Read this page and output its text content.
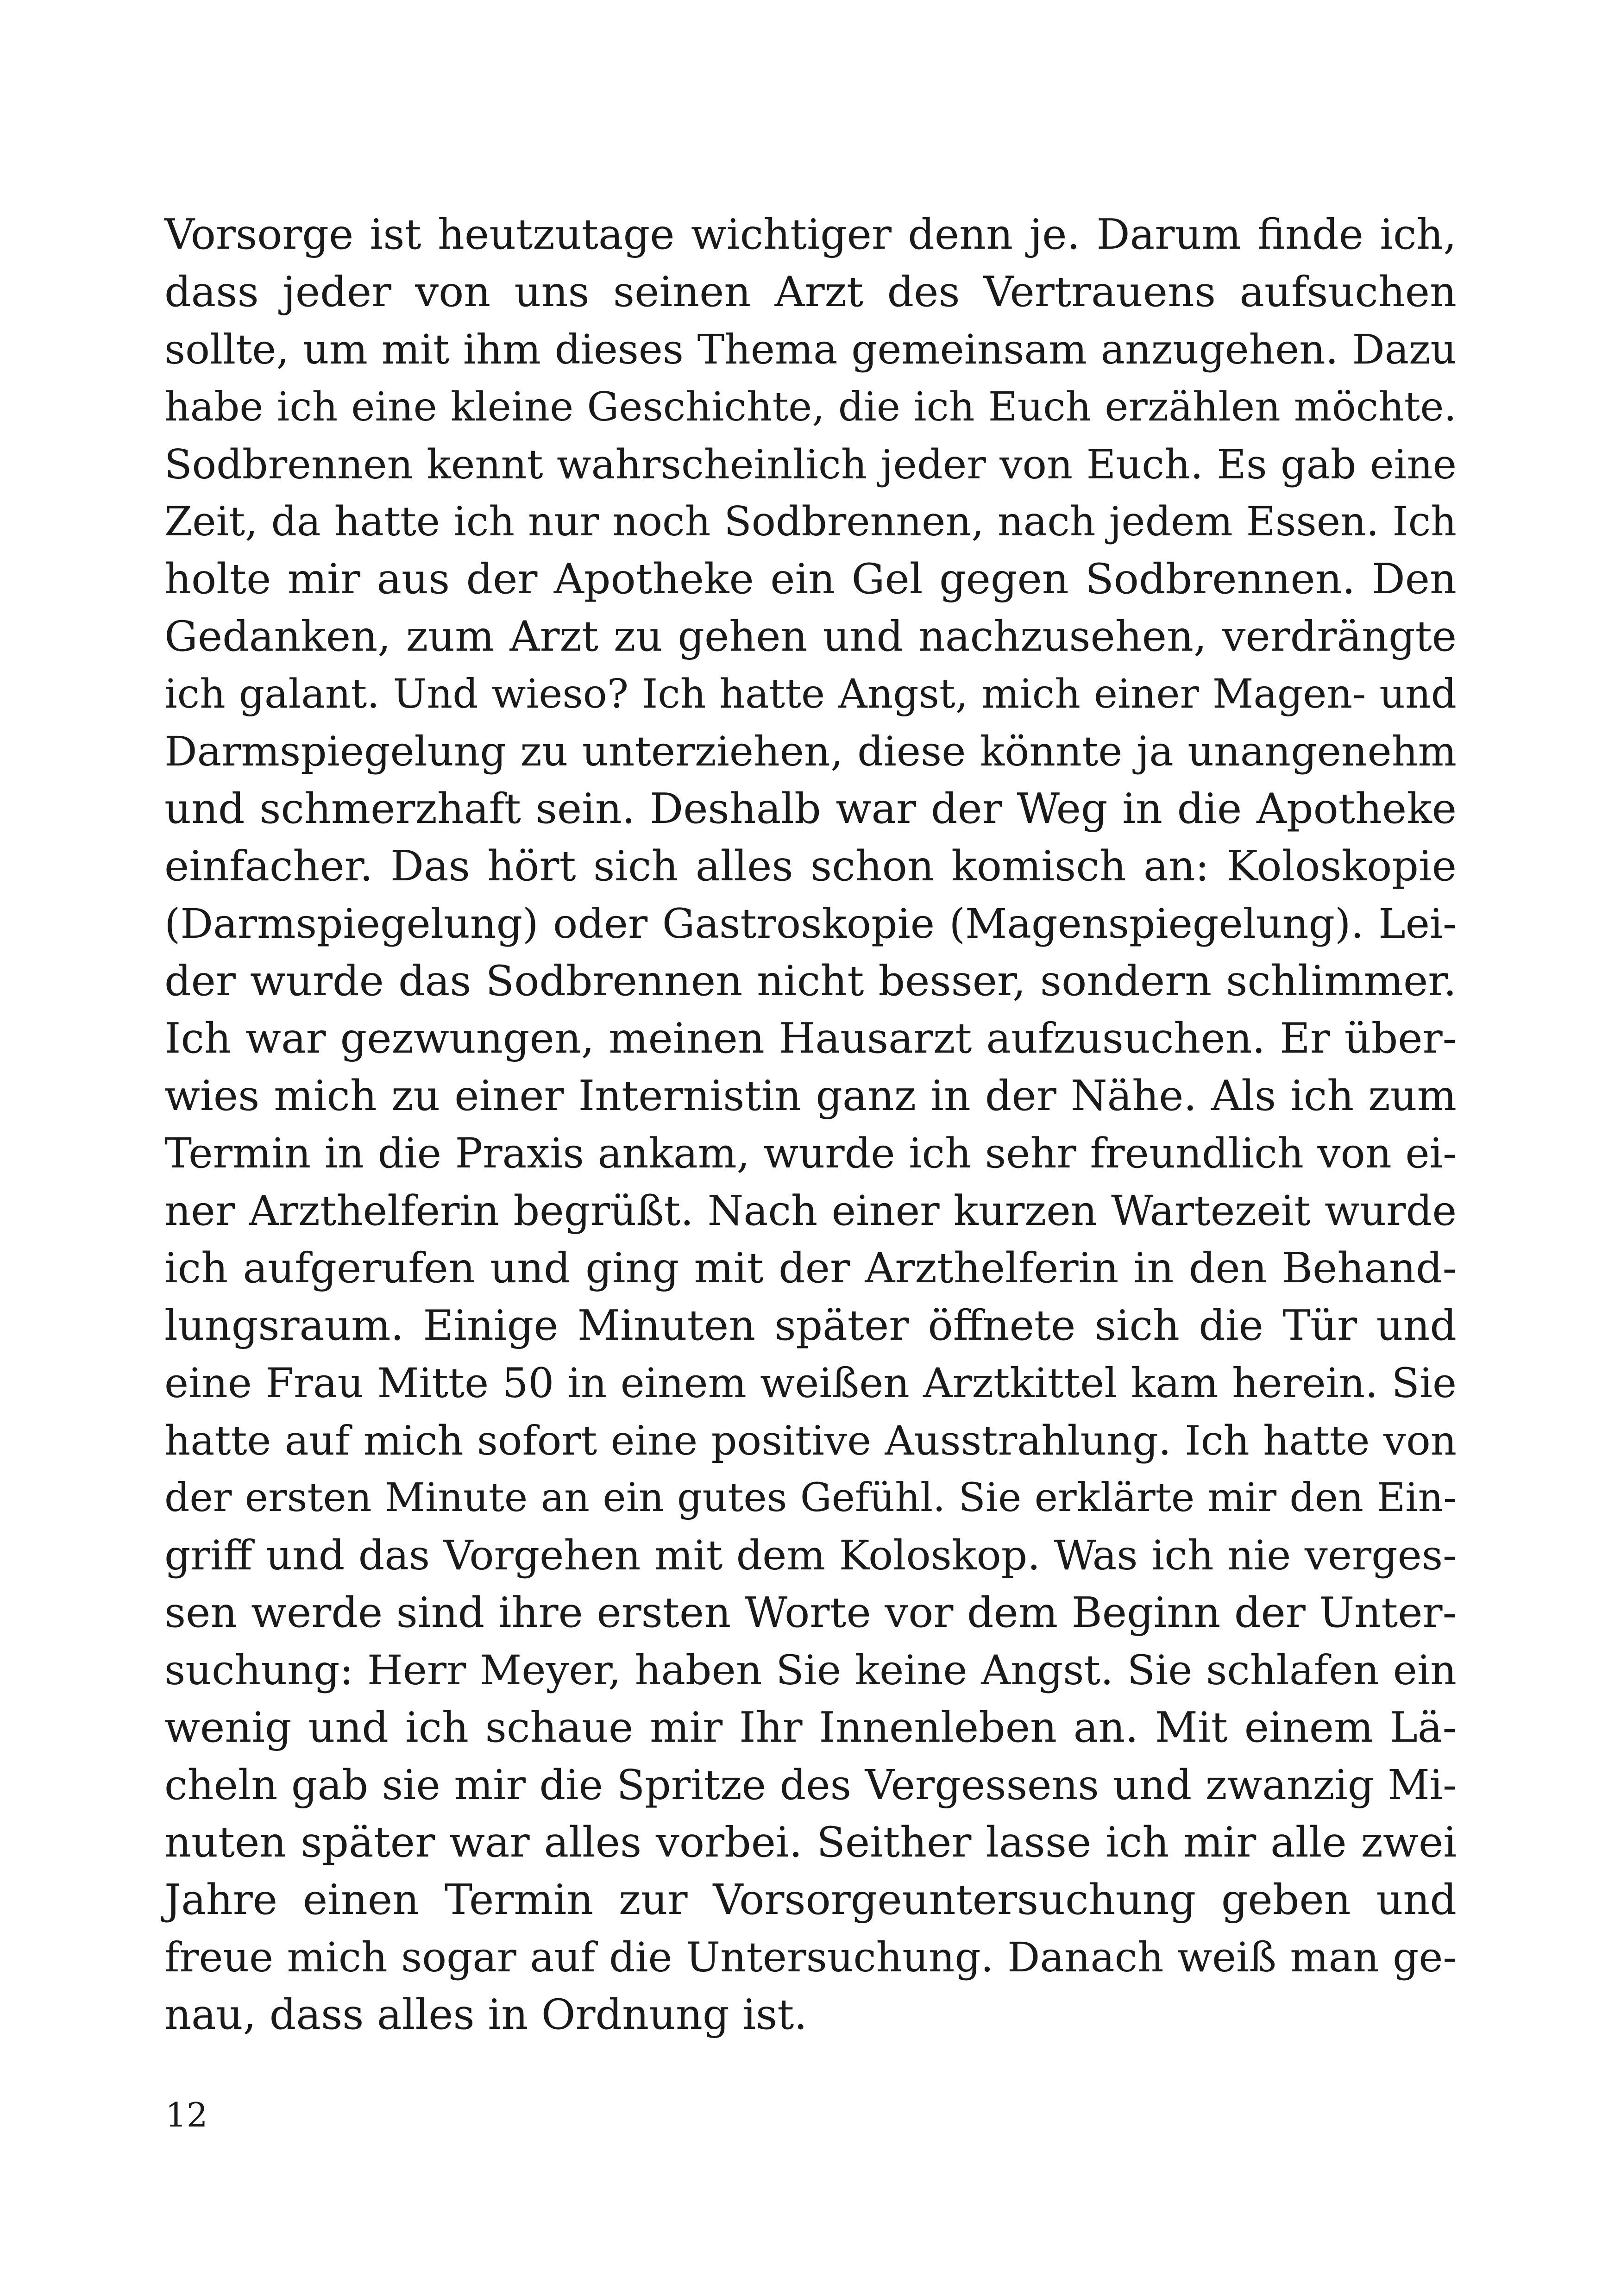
Vorsorge ist heutzutage wichtiger denn je. Darum finde ich,
dass jeder von uns seinen Arzt des Vertrauens aufsuchen
sollte, um mit ihm dieses Thema gemeinsam anzugehen. Dazu
habe ich eine kleine Geschichte, die ich Euch erzählen möchte.
Sodbrennen kennt wahrscheinlich jeder von Euch. Es gab eine
Zeit, da hatte ich nur noch Sodbrennen, nach jedem Essen. Ich
holte mir aus der Apotheke ein Gel gegen Sodbrennen. Den
Gedanken, zum Arzt zu gehen und nachzusehen, verdrängte
ich galant. Und wieso? Ich hatte Angst, mich einer Magen- und
Darmspiegelung zu unterziehen, diese könnte ja unangenehm
und schmerzhaft sein. Deshalb war der Weg in die Apotheke
einfacher. Das hört sich alles schon komisch an: Koloskopie
(Darmspiegelung) oder Gastroskopie (Magenspiegelung). Lei-
der wurde das Sodbrennen nicht besser, sondern schlimmer.
Ich war gezwungen, meinen Hausarzt aufzusuchen. Er über-
wies mich zu einer Internistin ganz in der Nähe. Als ich zum
Termin in die Praxis ankam, wurde ich sehr freundlich von ei-
ner Arzthelferin begrüßt. Nach einer kurzen Wartezeit wurde
ich aufgerufen und ging mit der Arzthelferin in den Behand-
lungsraum. Einige Minuten später öffnete sich die Tür und
eine Frau Mitte 50 in einem weißen Arztkittel kam herein. Sie
hatte auf mich sofort eine positive Ausstrahlung. Ich hatte von
der ersten Minute an ein gutes Gefühl. Sie erklärte mir den Ein-
griff und das Vorgehen mit dem Koloskop. Was ich nie verges-
sen werde sind ihre ersten Worte vor dem Beginn der Unter-
suchung: Herr Meyer, haben Sie keine Angst. Sie schlafen ein
wenig und ich schaue mir Ihr Innenleben an. Mit einem Lä-
cheln gab sie mir die Spritze des Vergessens und zwanzig Mi-
nuten später war alles vorbei. Seither lasse ich mir alle zwei
Jahre einen Termin zur Vorsorgeuntersuchung geben und
freue mich sogar auf die Untersuchung. Danach weiß man ge-
nau, dass alles in Ordnung ist.
12
